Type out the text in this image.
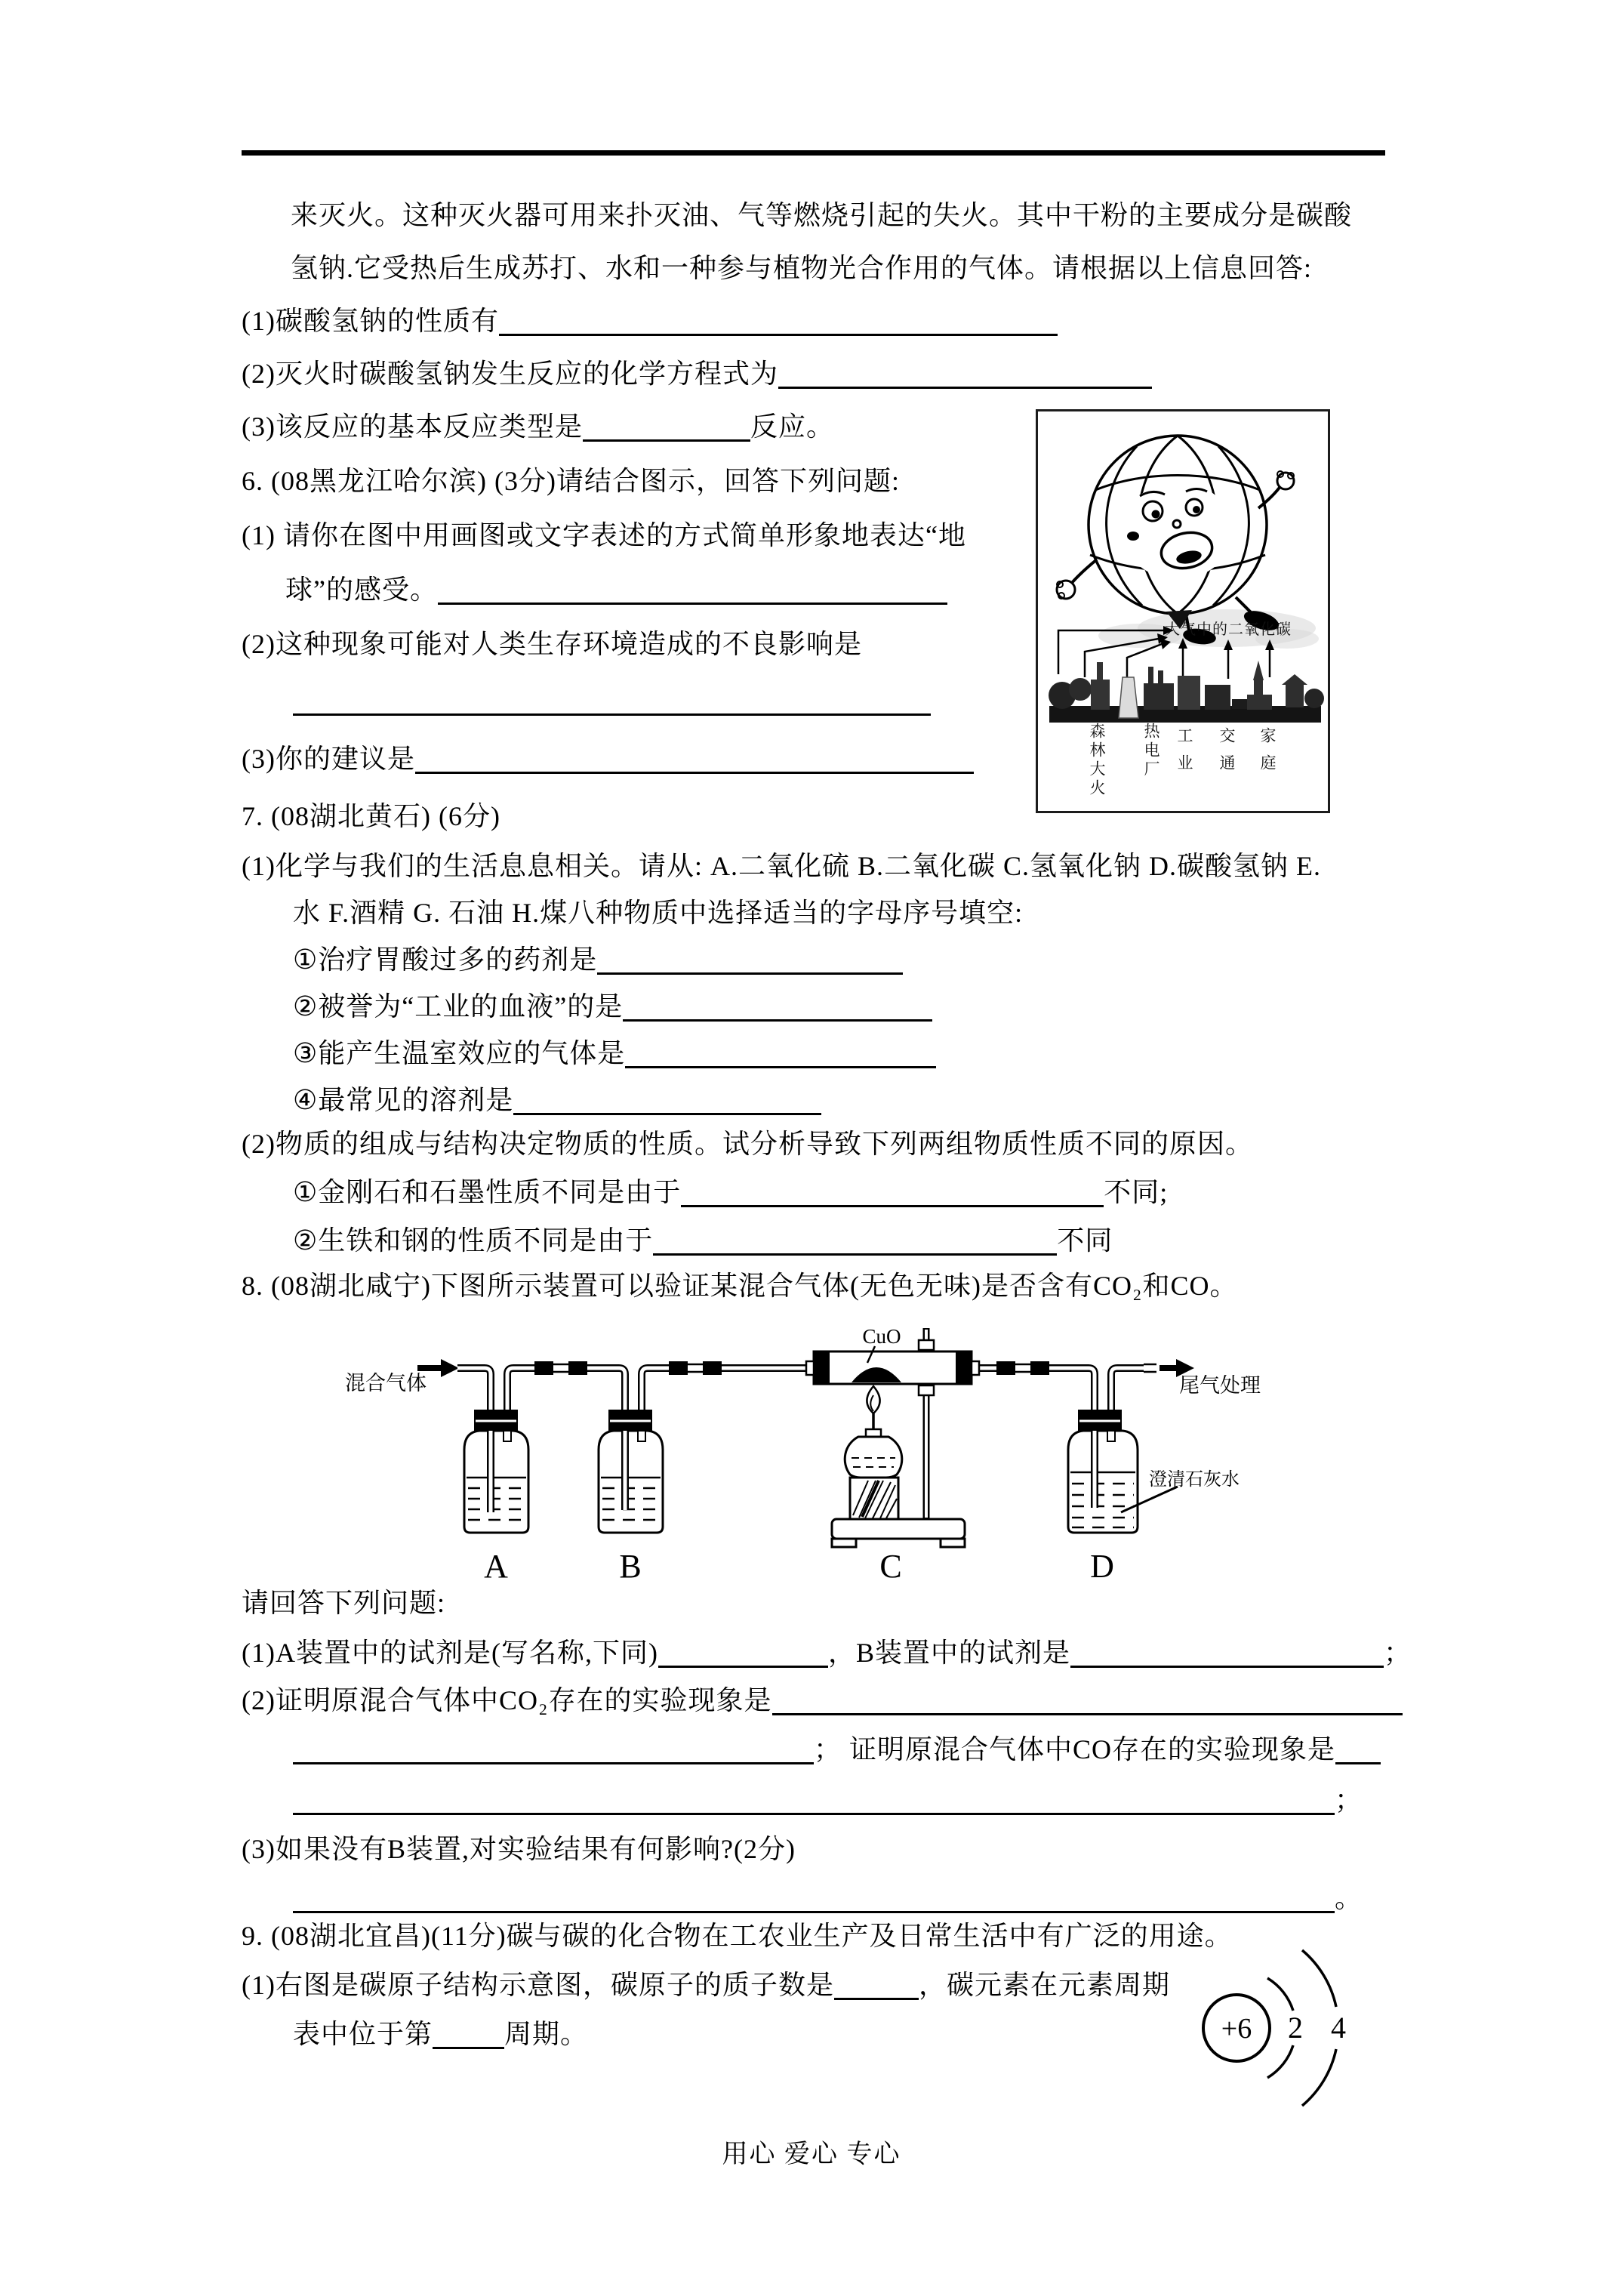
来灭火。这种灭火器可用来扑灭油、气等燃烧引起的失火。其中干粉的主要成分是碳酸
氢钠.它受热后生成苏打、水和一种参与植物光合作用的气体。请根据以上信息回答:
(1)碳酸氢钠的性质有
(2)灭火时碳酸氢钠发生反应的化学方程式为
(3)该反应的基本反应类型是	反应。
6. (08黑龙江哈尔滨) (3分)请结合图示，回答下列问题:
(1) 请你在图中用画图或文字表述的方式简单形象地表达“地
球”的感受。
(2)这种现象可能对人类生存环境造成的不良影响是
(3)你的建议是
大气中的二氧化碳
森林大火 热电厂 工业 交通 家庭
7. (08湖北黄石) (6分)
(1)化学与我们的生活息息相关。请从: A.二氧化硫 B.二氧化碳 C.氢氧化钠 D.碳酸氢钠 E.
水 F.酒精 G. 石油 H.煤八种物质中选择适当的字母序号填空:
①治疗胃酸过多的药剂是
②被誉为“工业的血液”的是
③能产生温室效应的气体是
④最常见的溶剂是
(2)物质的组成与结构决定物质的性质。试分析导致下列两组物质性质不同的原因。
①金刚石和石墨性质不同是由于	不同;
②生铁和钢的性质不同是由于	不同
8. (08湖北咸宁)下图所示装置可以验证某混合气体(无色无味)是否含有CO₂和CO。
混合气体
CuO
尾气处理
澄清石灰水
A	B	C	D
请回答下列问题:
(1)A装置中的试剂是(写名称,下同)	，B装置中的试剂是	；
(2)证明原混合气体中CO₂存在的实验现象是
； 证明原混合气体中CO存在的实验现象是
；
(3)如果没有B装置,对实验结果有何影响?(2分)
。
9. (08湖北宜昌)(11分)碳与碳的化合物在工农业生产及日常生活中有广泛的用途。
(1)右图是碳原子结构示意图，碳原子的质子数是	，碳元素在元素周期
表中位于第	周期。	+6 2 4
用心 爱心 专心
